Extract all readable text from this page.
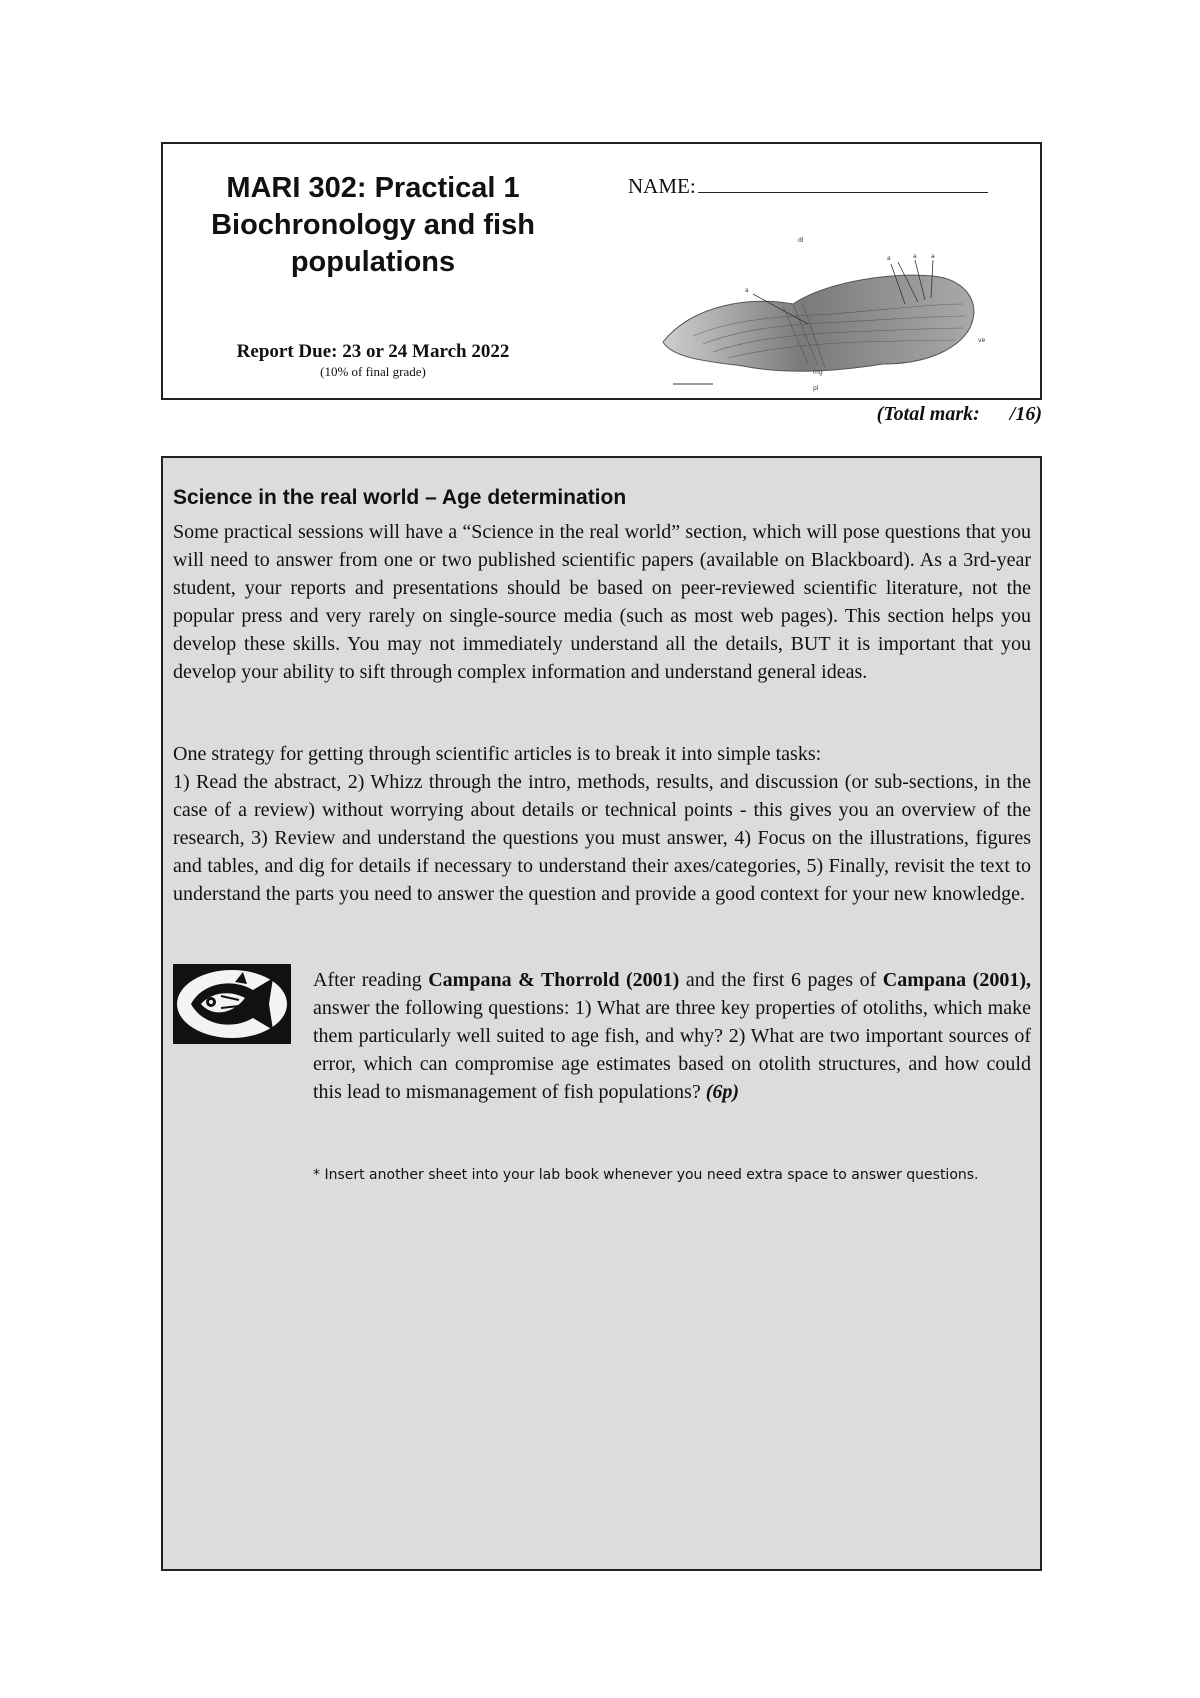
MARI 302: Practical 1
Biochronology and fish
populations
NAME:
dl
a
a	a a
ve
mg
pl
Report Due: 23 or 24 March 2022
(10% of final grade)
(Total mark:      /16)
Science in the real world – Age determination
Some practical sessions will have a “Science in the real world” section, which will pose questions that you will need to answer from one or two published scientific papers (available on Blackboard). As a 3rd-year student, your reports and presentations should be based on peer-reviewed scientific literature, not the popular press and very rarely on single-source media (such as most web pages). This section helps you develop these skills. You may not immediately understand all the details, BUT it is important that you develop your ability to sift through complex information and understand general ideas.
One strategy for getting through scientific articles is to break it into simple tasks:
1) Read the abstract, 2) Whizz through the intro, methods, results, and discussion (or sub-sections, in the case of a review) without worrying about details or technical points - this gives you an overview of the research, 3) Review and understand the questions you must answer, 4) Focus on the illustrations, figures and tables, and dig for details if necessary to understand their axes/categories, 5) Finally, revisit the text to understand the parts you need to answer the question and provide a good context for your new knowledge.
After reading Campana & Thorrold (2001) and the first 6 pages of Campana (2001), answer the following questions: 1) What are three key properties of otoliths, which make them particularly well suited to age fish, and why? 2) What are two important sources of error, which can compromise age estimates based on otolith structures, and how could this lead to mismanagement of fish populations? (6p)
* Insert another sheet into your lab book whenever you need extra space to answer questions.
